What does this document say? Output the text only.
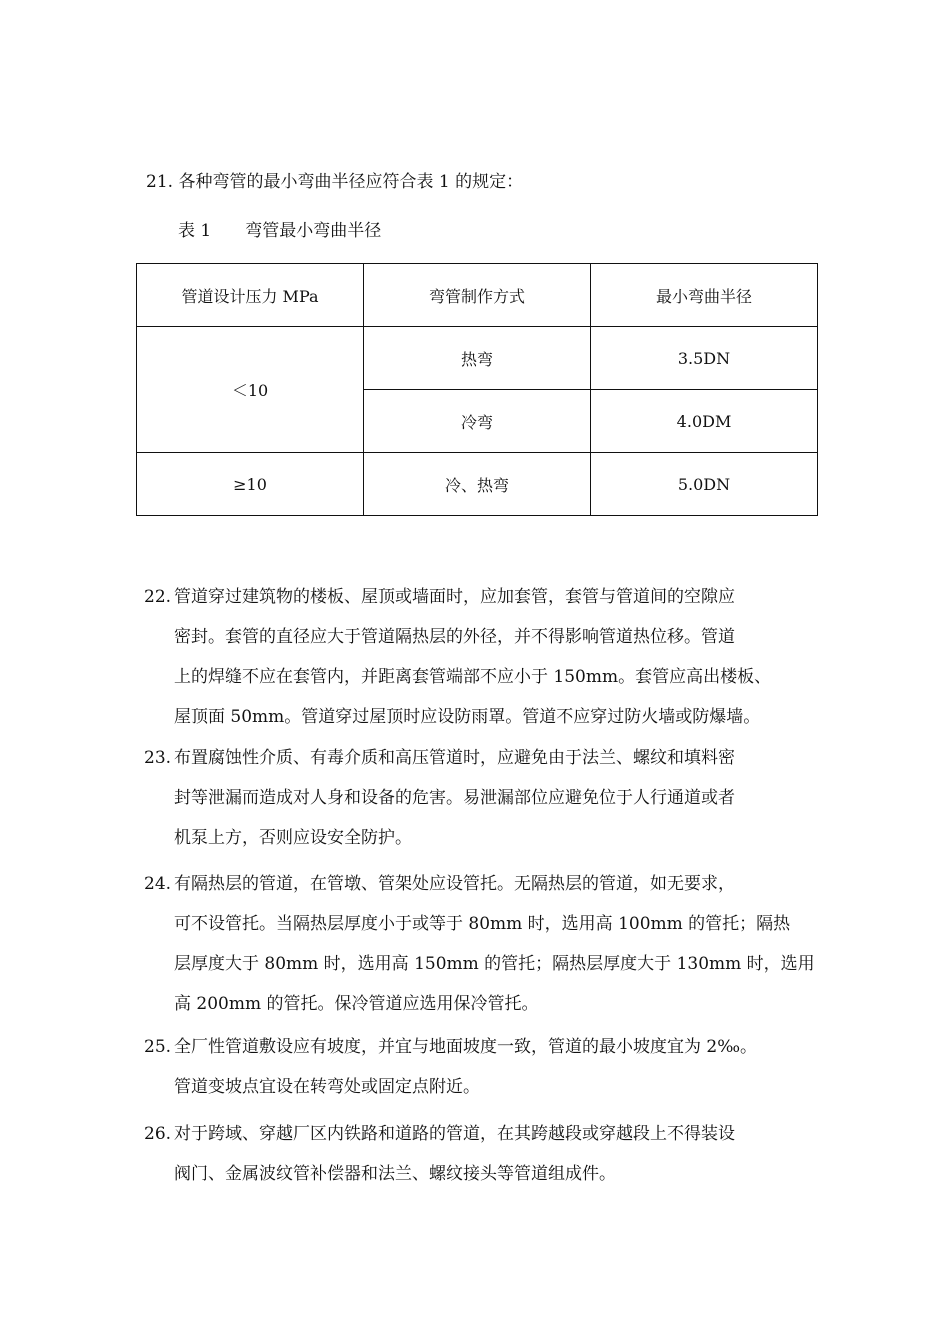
21. 各种弯管的最小弯曲半径应符合表 1 的规定：
表 1 弯管最小弯曲半径
管道设计压力 MPa	弯管制作方式	最小弯曲半径
＜10	热弯	3.5DN
	冷弯	4.0DM
≥10	冷、热弯	5.0DN
22. 管道穿过建筑物的楼板、屋顶或墙面时，应加套管，套管与管道间的空隙应
密封。套管的直径应大于管道隔热层的外径，并不得影响管道热位移。管道
上的焊缝不应在套管内，并距离套管端部不应小于 150mm。套管应高出楼板、
屋顶面 50mm。管道穿过屋顶时应设防雨罩。管道不应穿过防火墙或防爆墙。
23. 布置腐蚀性介质、有毒介质和高压管道时，应避免由于法兰、螺纹和填料密
封等泄漏而造成对人身和设备的危害。易泄漏部位应避免位于人行通道或者
机泵上方，否则应设安全防护。
24. 有隔热层的管道，在管墩、管架处应设管托。无隔热层的管道，如无要求，
可不设管托。当隔热层厚度小于或等于 80mm 时，选用高 100mm 的管托；隔热
层厚度大于 80mm 时，选用高 150mm 的管托；隔热层厚度大于 130mm 时，选用
高 200mm 的管托。保冷管道应选用保冷管托。
25. 全厂性管道敷设应有坡度，并宜与地面坡度一致，管道的最小坡度宜为 2‰。
管道变坡点宜设在转弯处或固定点附近。
26. 对于跨域、穿越厂区内铁路和道路的管道，在其跨越段或穿越段上不得装设
阀门、金属波纹管补偿器和法兰、螺纹接头等管道组成件。
